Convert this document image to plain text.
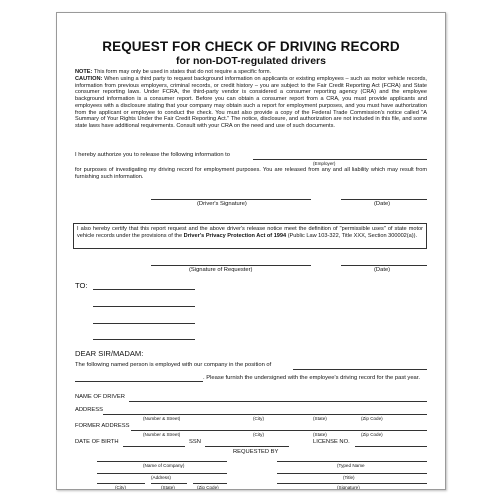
REQUEST FOR CHECK OF DRIVING RECORD
for non-DOT-regulated drivers
NOTE: This form may only be used in states that do not require a specific form.
CAUTION: When using a third party to request background information on applicants or existing employees – such as motor vehicle records, information from previous employers, criminal records, or credit history – you are subject to the Fair Credit Reporting Act (FCRA) and State consumer reporting laws. Under FCRA, the third-party vendor is considered a consumer reporting agency (CRA) and the employee background information is a consumer report. Before you can obtain a consumer report from a CRA, you must provide applicants and employees with a disclosure stating that your company may obtain such a report for employment purposes, and you must have authorization from the applicant or employee to conduct the check. You must also provide a copy of the Federal Trade Commission's notice called "A Summary of Your Rights Under the Fair Credit Reporting Act." The notice, disclosure, and authorization are not included in this file, and some state laws have additional requirements. Consult with your CRA on the need and use of such documents.
I hereby authorize you to release the following information to
(Employer)
for purposes of investigating my driving record for employment purposes. You are released from any and all liability which may result from furnishing such information.
(Driver's Signature)	(Date)
I also hereby certify that this report request and the above driver's release notice meet the definition of "permissible uses" of state motor vehicle records under the provisions of the Driver's Privacy Protection Act of 1994 (Public Law 103-322, Title XXX, Section 300002(a)).
(Signature of Requester)	(Date)
TO:
DEAR SIR/MADAM:
The following named person is employed with our company in the position of
. Please furnish the undersigned with the employee's driving record for the past year.
NAME OF DRIVER
ADDRESS
(Number & Street)	(City)	(State)	(Zip Code)
FORMER ADDRESS
(Number & Street)	(City)	(State)	(Zip Code)
DATE OF BIRTH	SSN	LICENSE NO.
REQUESTED BY
(Name of Company)	(Typed Name
(Address)	(Title)
(City)	(State)	(Zip Code)	(Signature)
